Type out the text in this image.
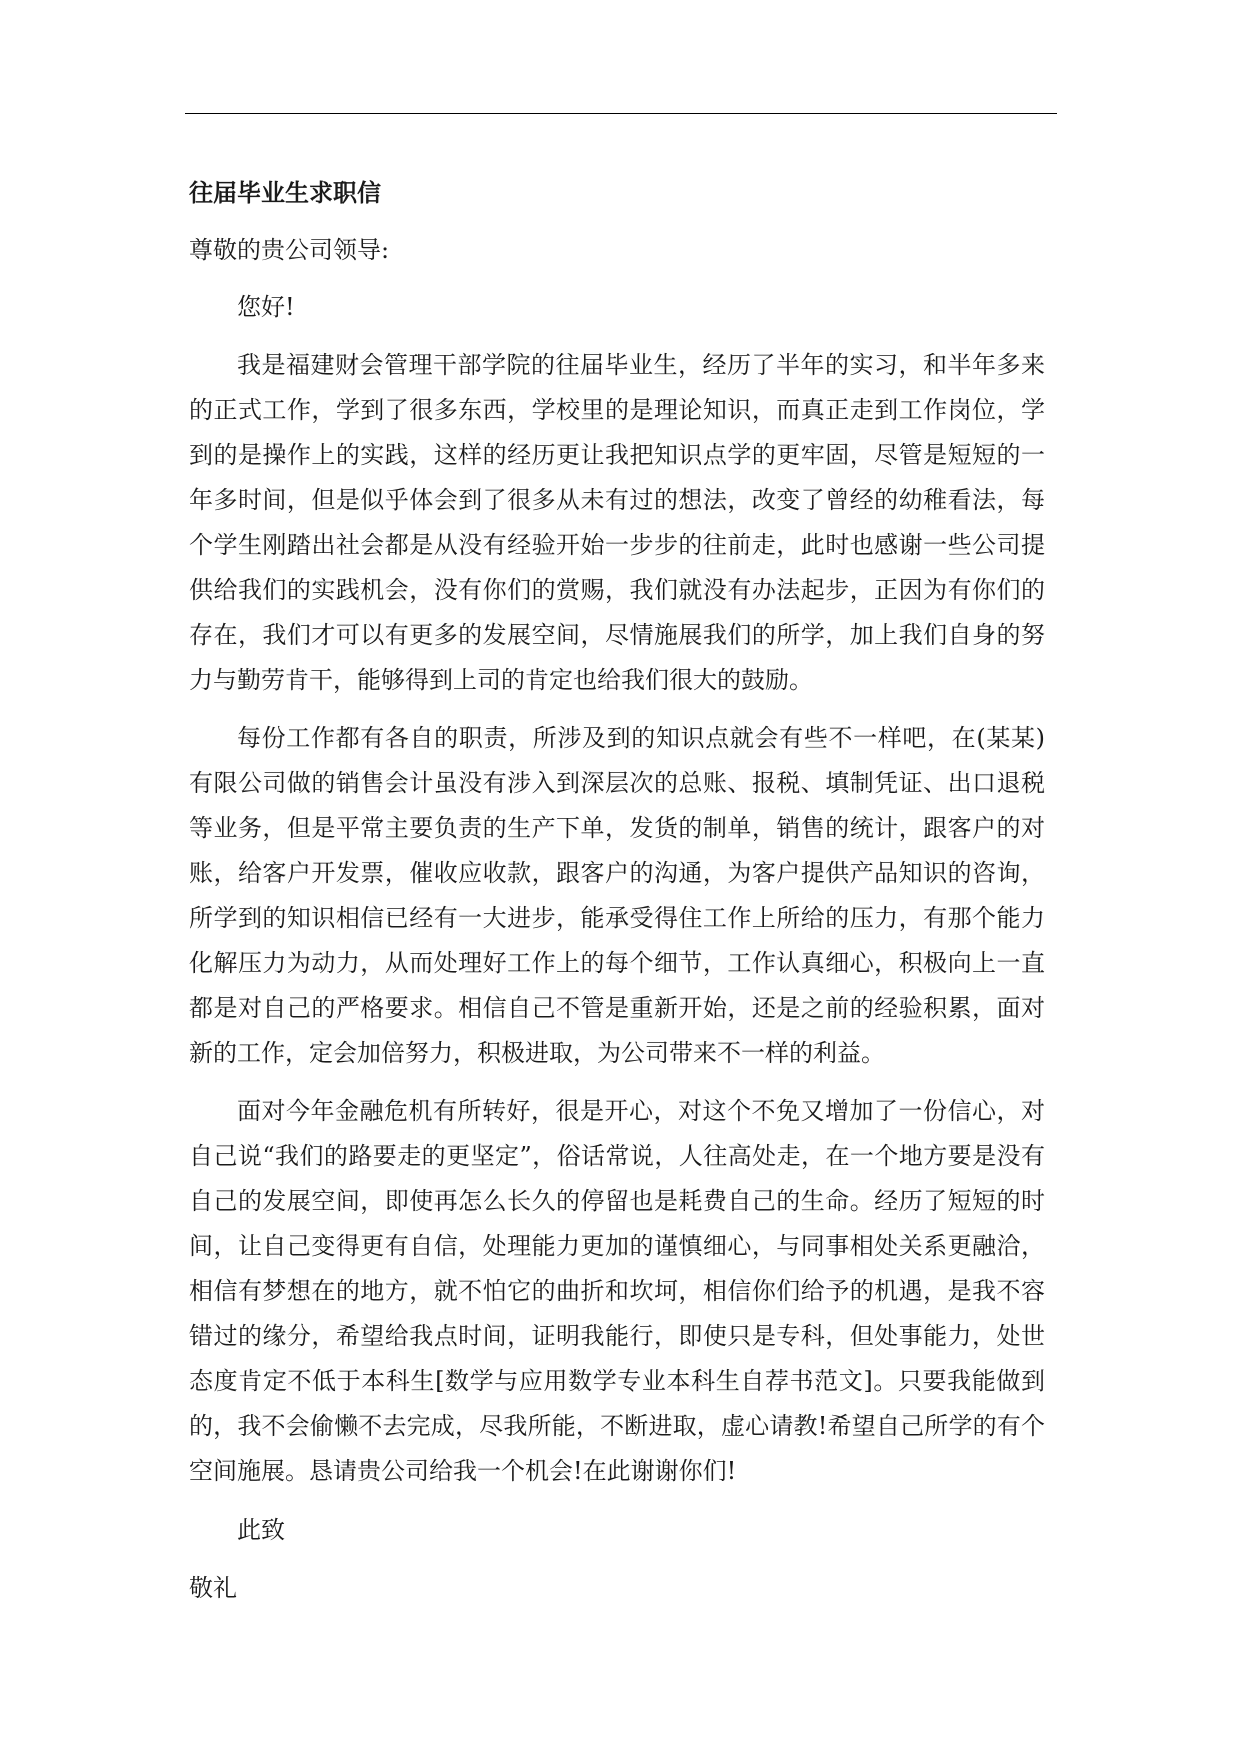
往届毕业生求职信

尊敬的贵公司领导:

您好!

我是福建财会管理干部学院的往届毕业生，经历了半年的实习，和半年多来的正式工作，学到了很多东西，学校里的是理论知识，而真正走到工作岗位，学到的是操作上的实践，这样的经历更让我把知识点学的更牢固，尽管是短短的一年多时间，但是似乎体会到了很多从未有过的想法，改变了曾经的幼稚看法，每个学生刚踏出社会都是从没有经验开始一步步的往前走，此时也感谢一些公司提供给我们的实践机会，没有你们的赏赐，我们就没有办法起步，正因为有你们的存在，我们才可以有更多的发展空间，尽情施展我们的所学，加上我们自身的努力与勤劳肯干，能够得到上司的肯定也给我们很大的鼓励。

每份工作都有各自的职责，所涉及到的知识点就会有些不一样吧，在(某某)有限公司做的销售会计虽没有涉入到深层次的总账、报税、填制凭证、出口退税等业务，但是平常主要负责的生产下单，发货的制单，销售的统计，跟客户的对账，给客户开发票，催收应收款，跟客户的沟通，为客户提供产品知识的咨询，所学到的知识相信已经有一大进步，能承受得住工作上所给的压力，有那个能力化解压力为动力，从而处理好工作上的每个细节，工作认真细心，积极向上一直都是对自己的严格要求。相信自己不管是重新开始，还是之前的经验积累，面对新的工作，定会加倍努力，积极进取，为公司带来不一样的利益。

面对今年金融危机有所转好，很是开心，对这个不免又增加了一份信心，对自己说“我们的路要走的更坚定”，俗话常说，人往高处走，在一个地方要是没有自己的发展空间，即使再怎么长久的停留也是耗费自己的生命。经历了短短的时间，让自己变得更有自信，处理能力更加的谨慎细心，与同事相处关系更融洽，相信有梦想在的地方，就不怕它的曲折和坎坷，相信你们给予的机遇，是我不容错过的缘分，希望给我点时间，证明我能行，即使只是专科，但处事能力，处世态度肯定不低于本科生[数学与应用数学专业本科生自荐书范文]。只要我能做到的，我不会偷懒不去完成，尽我所能，不断进取，虚心请教!希望自己所学的有个空间施展。恳请贵公司给我一个机会!在此谢谢你们!

此致

敬礼
